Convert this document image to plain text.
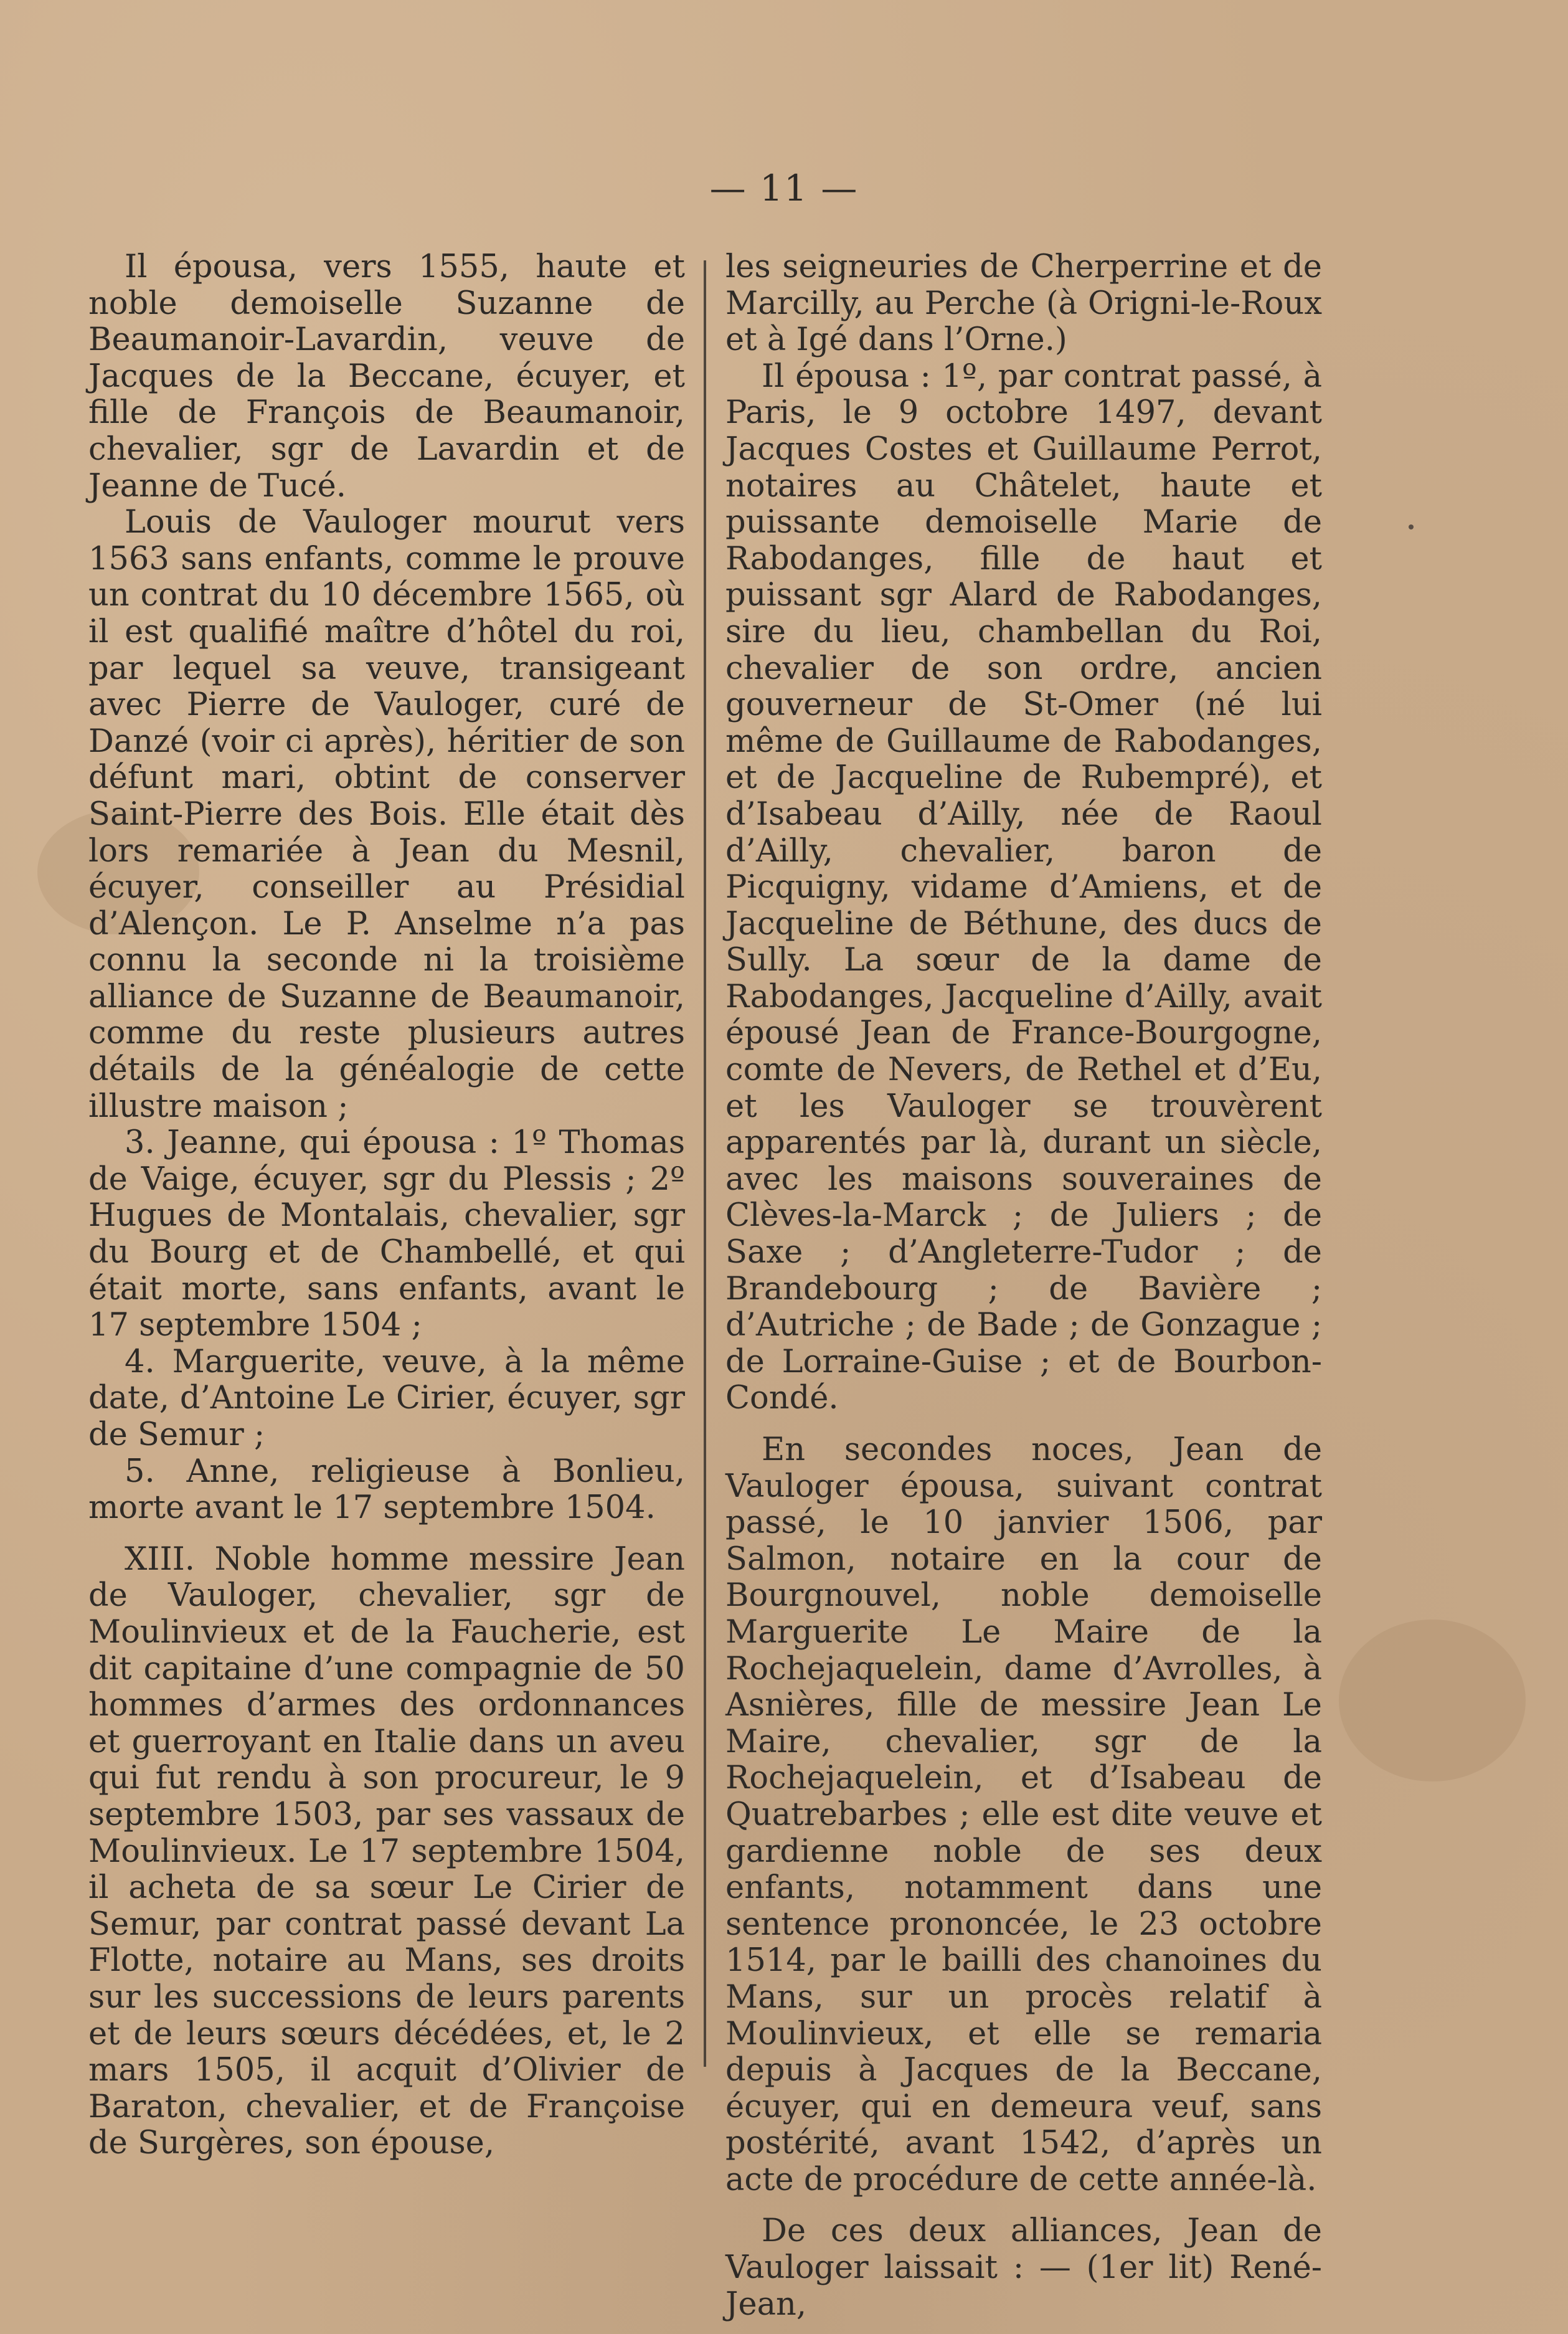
— 11 —

Il épousa, vers 1555, haute et noble demoiselle Suzanne de Beaumanoir-Lavardin, veuve de Jacques de la Beccane, écuyer, et fille de François de Beaumanoir, chevalier, sgr de Lavardin et de Jeanne de Tucé.

Louis de Vauloger mourut vers 1563 sans enfants, comme le prouve un contrat du 10 décembre 1565, où il est qualifié maître d’hôtel du roi, par lequel sa veuve, transigeant avec Pierre de Vauloger, curé de Danzé (voir ci après), héritier de son défunt mari, obtint de conserver Saint-Pierre des Bois. Elle était dès lors remariée à Jean du Mesnil, écuyer, conseiller au Présidial d’Alençon. Le P. Anselme n’a pas connu la seconde ni la troisième alliance de Suzanne de Beaumanoir, comme du reste plusieurs autres détails de la généalogie de cette illustre maison ;

3. Jeanne, qui épousa : 1º Thomas de Vaige, écuyer, sgr du Plessis ; 2º Hugues de Montalais, chevalier, sgr du Bourg et de Chambellé, et qui était morte, sans enfants, avant le 17 septembre 1504 ;

4. Marguerite, veuve, à la même date, d’Antoine Le Cirier, écuyer, sgr de Semur ;

5. Anne, religieuse à Bonlieu, morte avant le 17 septembre 1504.

XIII. Noble homme messire Jean de Vauloger, chevalier, sgr de Moulinvieux et de la Faucherie, est dit capitaine d’une compagnie de 50 hommes d’armes des ordonnances et guerroyant en Italie dans un aveu qui fut rendu à son procureur, le 9 septembre 1503, par ses vassaux de Moulinvieux. Le 17 septembre 1504, il acheta de sa sœur Le Cirier de Semur, par contrat passé devant La Flotte, notaire au Mans, ses droits sur les successions de leurs parents et de leurs sœurs décédées, et, le 2 mars 1505, il acquit d’Olivier de Baraton, chevalier, et de Françoise de Surgères, son épouse,

les seigneuries de Cherperrine et de Marcilly, au Perche (à Origni-le-Roux et à Igé dans l’Orne.)

Il épousa : 1º, par contrat passé, à Paris, le 9 octobre 1497, devant Jacques Costes et Guillaume Perrot, notaires au Châtelet, haute et puissante demoiselle Marie de Rabodanges, fille de haut et puissant sgr Alard de Rabodanges, sire du lieu, chambellan du Roi, chevalier de son ordre, ancien gouverneur de St-Omer (né lui même de Guillaume de Rabodanges, et de Jacqueline de Rubempré), et d’Isabeau d’Ailly, née de Raoul d’Ailly, chevalier, baron de Picquigny, vidame d’Amiens, et de Jacqueline de Béthune, des ducs de Sully. La sœur de la dame de Rabodanges, Jacqueline d’Ailly, avait épousé Jean de France-Bourgogne, comte de Nevers, de Rethel et d’Eu, et les Vauloger se trouvèrent apparentés par là, durant un siècle, avec les maisons souveraines de Clèves-la-Marck ; de Juliers ; de Saxe ; d’Angleterre-Tudor ; de Brandebourg ; de Bavière ; d’Autriche ; de Bade ; de Gonzague ; de Lorraine-Guise ; et de Bourbon-Condé.

En secondes noces, Jean de Vauloger épousa, suivant contrat passé, le 10 janvier 1506, par Salmon, notaire en la cour de Bourgnouvel, noble demoiselle Marguerite Le Maire de la Rochejaquelein, dame d’Avrolles, à Asnières, fille de messire Jean Le Maire, chevalier, sgr de la Rochejaquelein, et d’Isabeau de Quatrebarbes ; elle est dite veuve et gardienne noble de ses deux enfants, notamment dans une sentence prononcée, le 23 octobre 1514, par le bailli des chanoines du Mans, sur un procès relatif à Moulinvieux, et elle se remaria depuis à Jacques de la Beccane, écuyer, qui en demeura veuf, sans postérité, avant 1542, d’après un acte de procédure de cette année-là.

De ces deux alliances, Jean de Vauloger laissait : — (1er lit) René-Jean,
